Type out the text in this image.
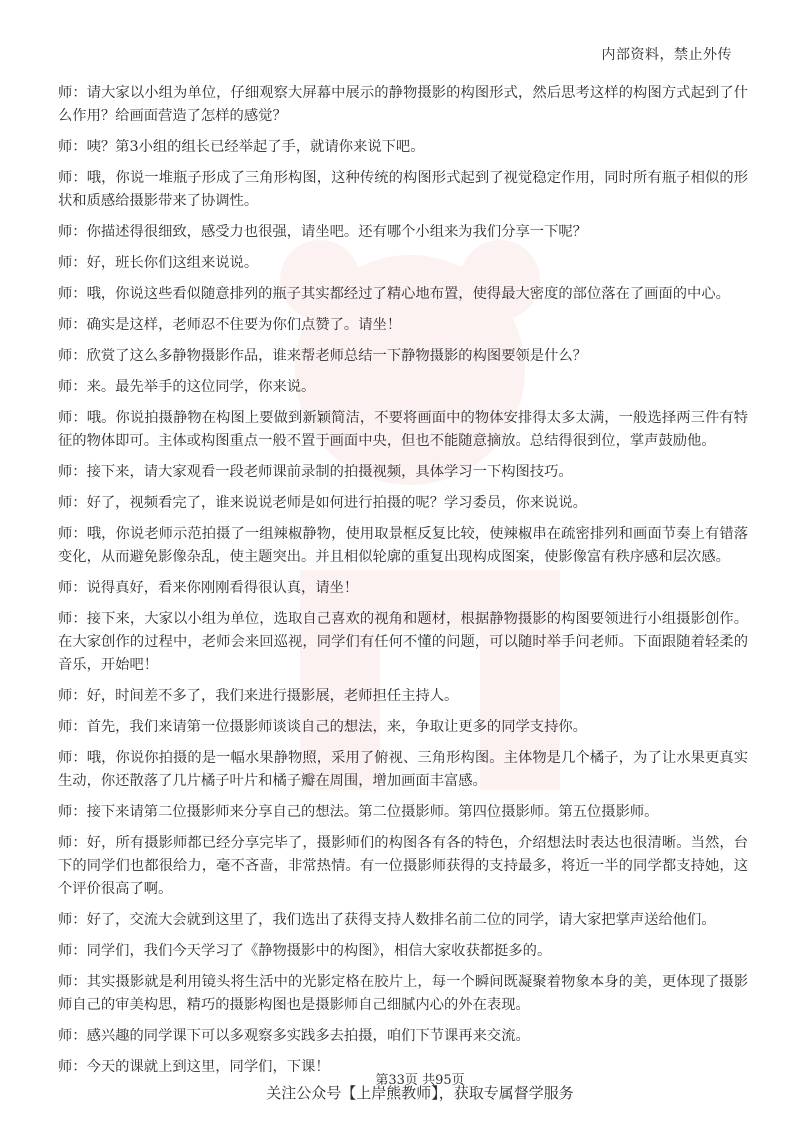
内部资料，禁止外传

师：请大家以小组为单位，仔细观察大屏幕中展示的静物摄影的构图形式，然后思考这样的构图方式起到了什么作用？给画面营造了怎样的感觉？

师：咦？第3小组的组长已经举起了手，就请你来说下吧。

师：哦，你说一堆瓶子形成了三角形构图，这种传统的构图形式起到了视觉稳定作用，同时所有瓶子相似的形状和质感给摄影带来了协调性。

师：你描述得很细致，感受力也很强，请坐吧。还有哪个小组来为我们分享一下呢？

师：好，班长你们这组来说说。

师：哦，你说这些看似随意排列的瓶子其实都经过了精心地布置，使得最大密度的部位落在了画面的中心。

师：确实是这样，老师忍不住要为你们点赞了。请坐！

师：欣赏了这么多静物摄影作品，谁来帮老师总结一下静物摄影的构图要领是什么？

师：来。最先举手的这位同学，你来说。

师：哦。你说拍摄静物在构图上要做到新颖简洁，不要将画面中的物体安排得太多太满，一般选择两三件有特征的物体即可。主体或构图重点一般不置于画面中央，但也不能随意摘放。总结得很到位，掌声鼓励他。

师：接下来，请大家观看一段老师课前录制的拍摄视频，具体学习一下构图技巧。

师：好了，视频看完了，谁来说说老师是如何进行拍摄的呢？学习委员，你来说说。

师：哦，你说老师示范拍摄了一组辣椒静物，使用取景框反复比较，使辣椒串在疏密排列和画面节奏上有错落变化，从而避免影像杂乱，使主题突出。并且相似轮廓的重复出现构成图案，使影像富有秩序感和层次感。

师：说得真好，看来你刚刚看得很认真，请坐！

师：接下来，大家以小组为单位，选取自己喜欢的视角和题材，根据静物摄影的构图要领进行小组摄影创作。在大家创作的过程中，老师会来回巡视，同学们有任何不懂的问题，可以随时举手问老师。下面跟随着轻柔的音乐，开始吧！

师：好，时间差不多了，我们来进行摄影展，老师担任主持人。

师：首先，我们来请第一位摄影师谈谈自己的想法，来，争取让更多的同学支持你。

师：哦，你说你拍摄的是一幅水果静物照，采用了俯视、三角形构图。主体物是几个橘子，为了让水果更真实生动，你还散落了几片橘子叶片和橘子瓣在周围，增加画面丰富感。

师：接下来请第二位摄影师来分享自己的想法。第二位摄影师。第四位摄影师。第五位摄影师。

师：好，所有摄影师都已经分享完毕了，摄影师们的构图各有各的特色，介绍想法时表达也很清晰。当然，台下的同学们也都很给力，毫不吝啬，非常热情。有一位摄影师获得的支持最多，将近一半的同学都支持她，这个评价很高了啊。

师：好了，交流大会就到这里了，我们选出了获得支持人数排名前二位的同学，请大家把掌声送给他们。

师：同学们，我们今天学习了《静物摄影中的构图》，相信大家收获都挺多的。

师：其实摄影就是利用镜头将生活中的光影定格在胶片上，每一个瞬间既凝聚着物象本身的美，更体现了摄影师自己的审美构思，精巧的摄影构图也是摄影师自己细腻内心的外在表现。

师：感兴趣的同学课下可以多观察多实践多去拍摄，咱们下节课再来交流。

师：今天的课就上到这里，同学们，下课！

第33页 共95页
关注公众号【上岸熊教师】，获取专属督学服务
